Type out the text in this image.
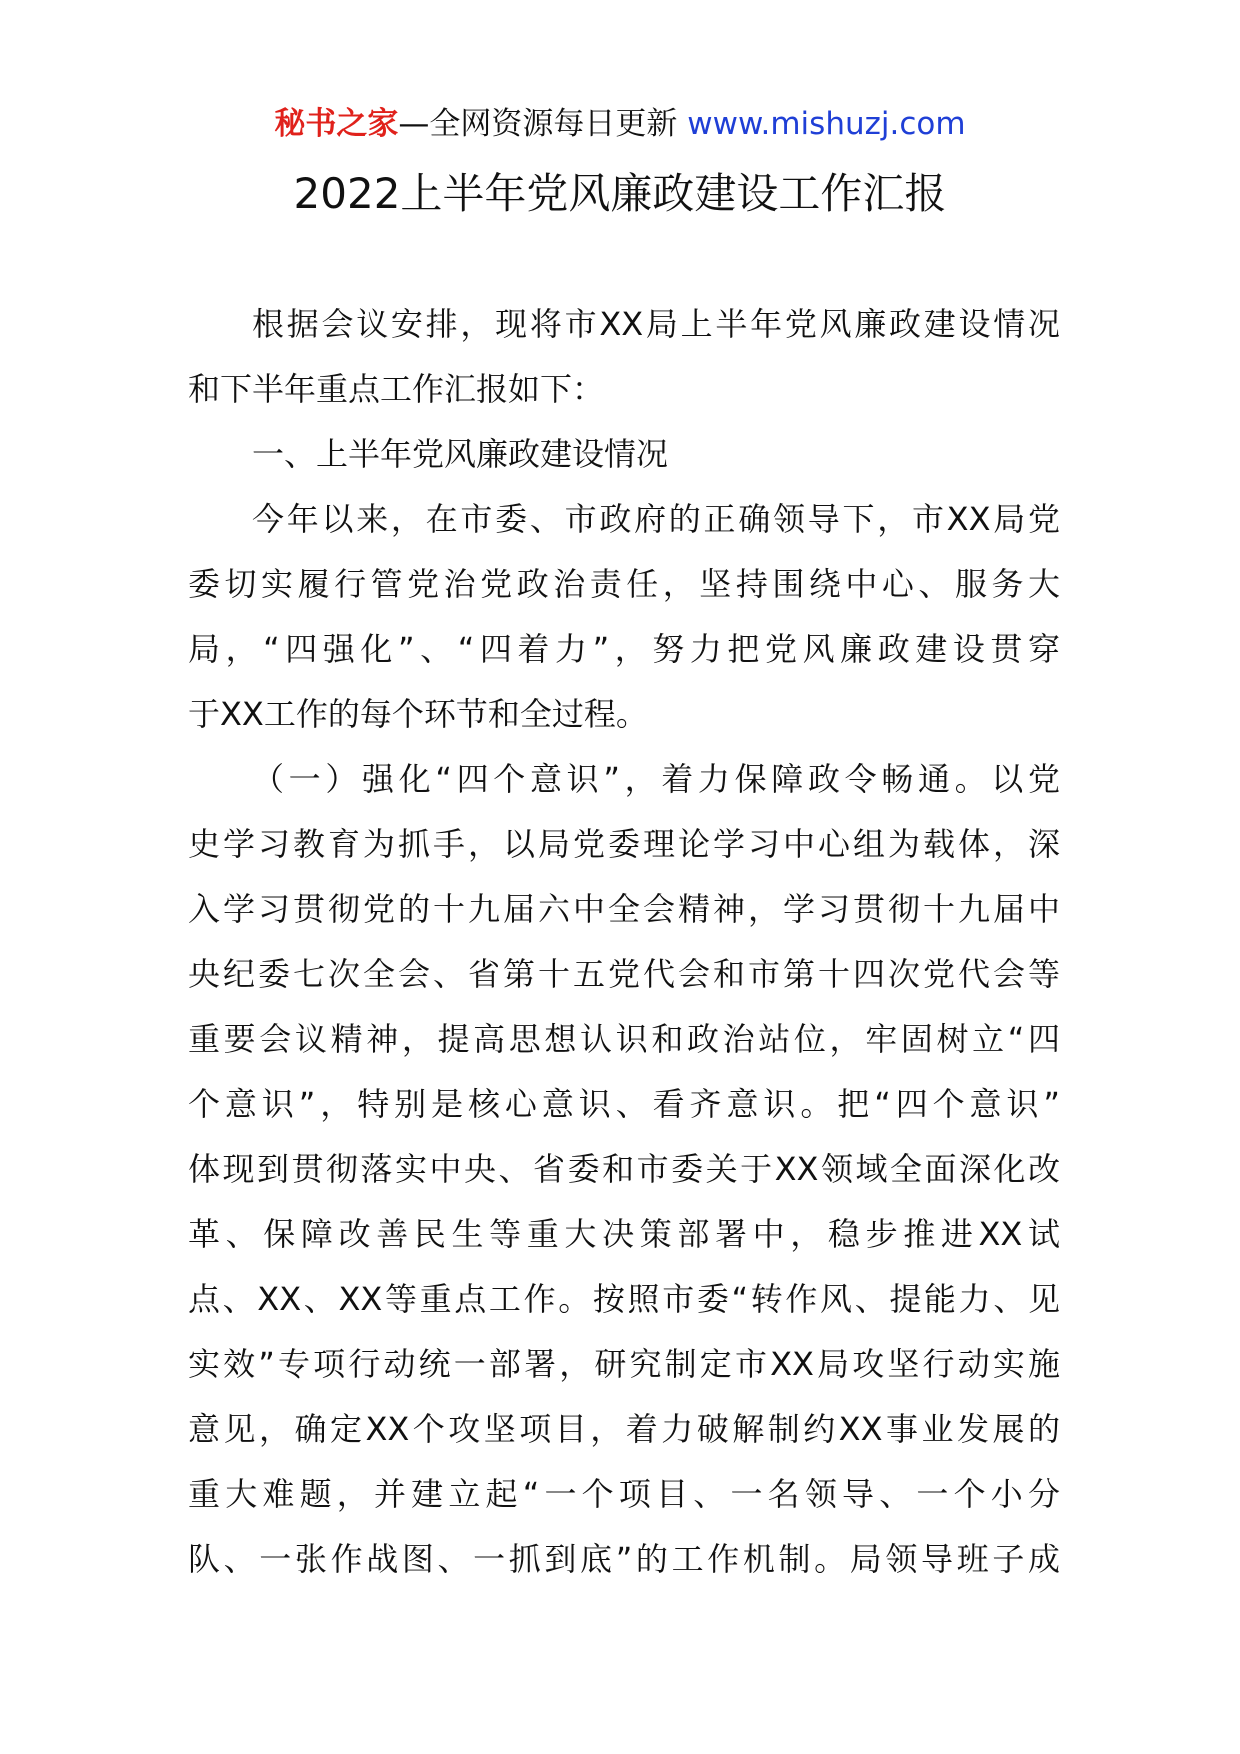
秘书之家—全网资源每日更新 www.mishuzj.com
2022上半年党风廉政建设工作汇报
根据会议安排，现将市XX局上半年党风廉政建设情况
和下半年重点工作汇报如下：
一、上半年党风廉政建设情况
今年以来，在市委、市政府的正确领导下，市XX局党
委切实履行管党治党政治责任，坚持围绕中心、服务大
局，“四强化”、“四着力”，努力把党风廉政建设贯穿
于XX工作的每个环节和全过程。
（一）强化“四个意识”，着力保障政令畅通。以党
史学习教育为抓手，以局党委理论学习中心组为载体，深
入学习贯彻党的十九届六中全会精神，学习贯彻十九届中
央纪委七次全会、省第十五党代会和市第十四次党代会等
重要会议精神，提高思想认识和政治站位，牢固树立“四
个意识”，特别是核心意识、看齐意识。把“四个意识”
体现到贯彻落实中央、省委和市委关于XX领域全面深化改
革、保障改善民生等重大决策部署中，稳步推进XX试
点、XX、XX等重点工作。按照市委“转作风、提能力、见
实效”专项行动统一部署，研究制定市XX局攻坚行动实施
意见，确定XX个攻坚项目，着力破解制约XX事业发展的
重大难题，并建立起“一个项目、一名领导、一个小分
队、一张作战图、一抓到底”的工作机制。局领导班子成
